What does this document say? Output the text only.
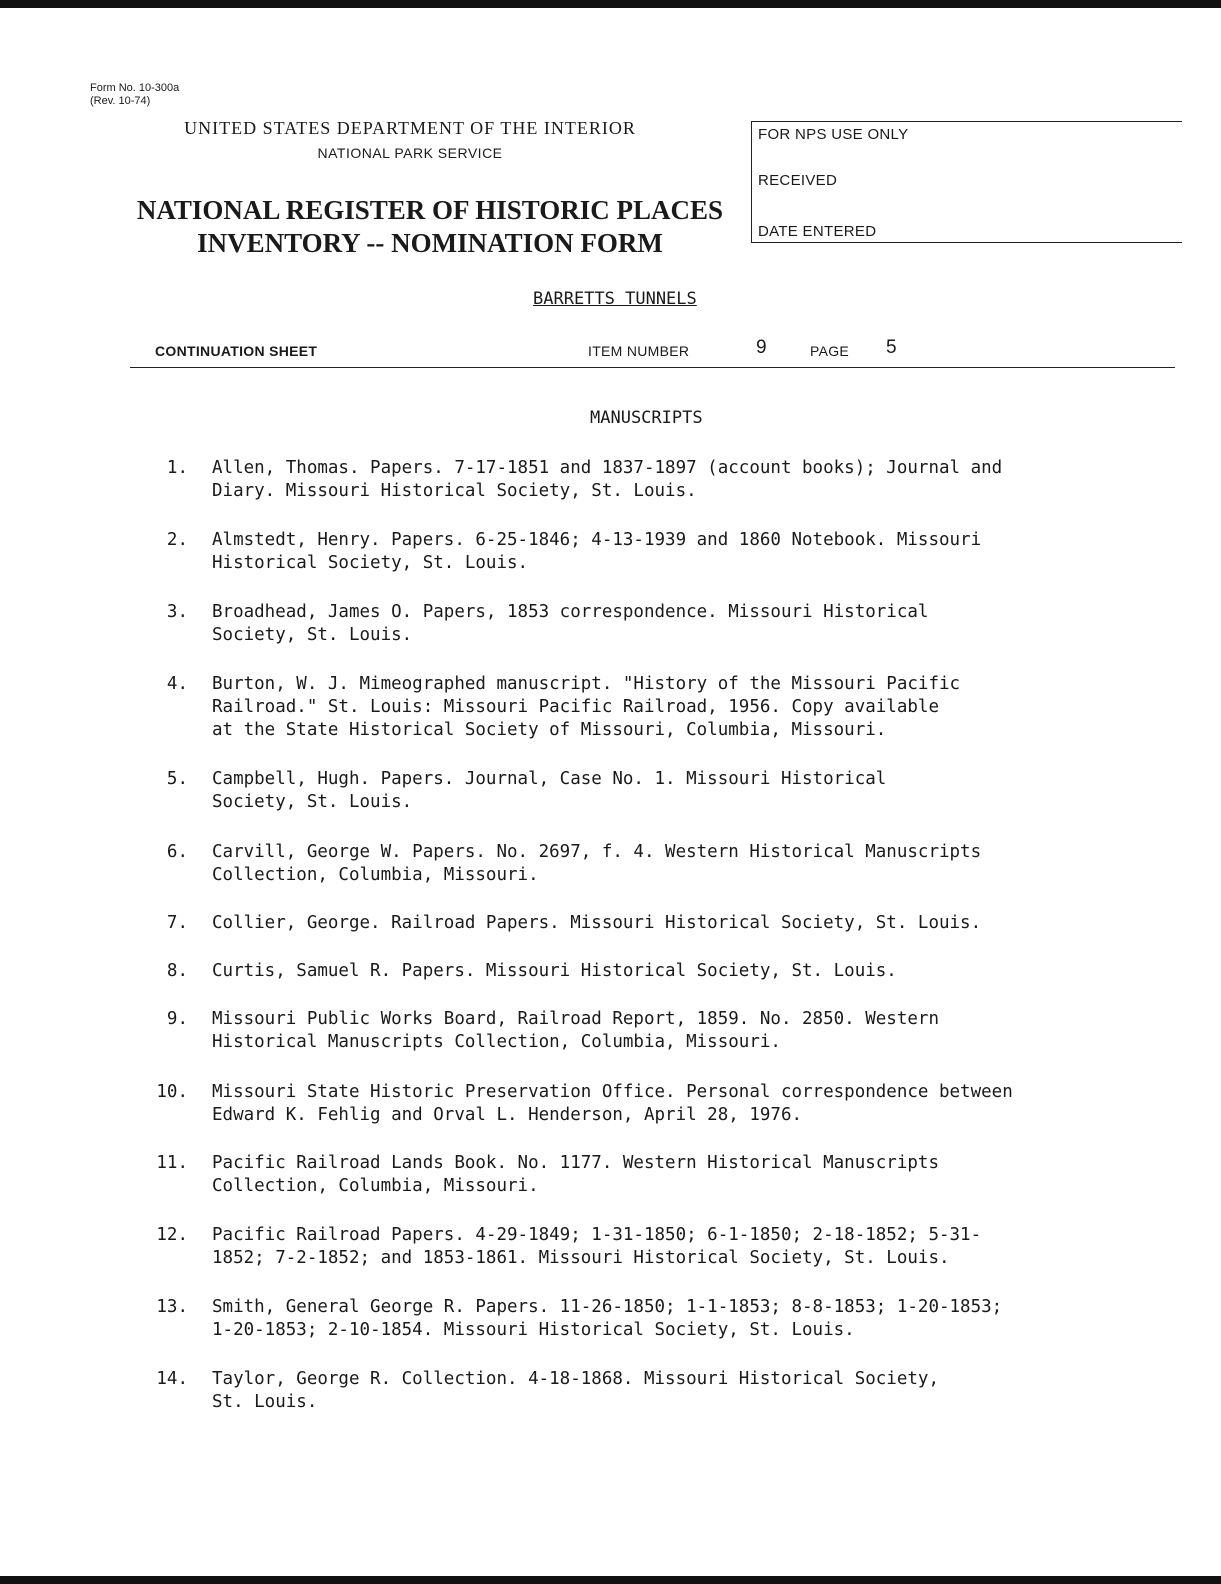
Form No. 10-300a
(Rev. 10-74)
UNITED STATES DEPARTMENT OF THE INTERIOR
NATIONAL PARK SERVICE
NATIONAL REGISTER OF HISTORIC PLACES
INVENTORY -- NOMINATION FORM
FOR NPS USE ONLY
RECEIVED
DATE ENTERED
BARRETTS TUNNELS
CONTINUATION SHEET	ITEM NUMBER	9	PAGE 5
MANUSCRIPTS
1. Allen, Thomas. Papers. 7-17-1851 and 1837-1897 (account books); Journal and
Diary. Missouri Historical Society, St. Louis.
2. Almstedt, Henry. Papers. 6-25-1846; 4-13-1939 and 1860 Notebook. Missouri
Historical Society, St. Louis.
3. Broadhead, James O. Papers, 1853 correspondence. Missouri Historical
Society, St. Louis.
4. Burton, W. J. Mimeographed manuscript. "History of the Missouri Pacific
Railroad." St. Louis: Missouri Pacific Railroad, 1956. Copy available
at the State Historical Society of Missouri, Columbia, Missouri.
5. Campbell, Hugh. Papers. Journal, Case No. 1. Missouri Historical
Society, St. Louis.
6. Carvill, George W. Papers. No. 2697, f. 4. Western Historical Manuscripts
Collection, Columbia, Missouri.
7. Collier, George. Railroad Papers. Missouri Historical Society, St. Louis.
8. Curtis, Samuel R. Papers. Missouri Historical Society, St. Louis.
9. Missouri Public Works Board, Railroad Report, 1859. No. 2850. Western
Historical Manuscripts Collection, Columbia, Missouri.
10. Missouri State Historic Preservation Office. Personal correspondence between
Edward K. Fehlig and Orval L. Henderson, April 28, 1976.
11. Pacific Railroad Lands Book. No. 1177. Western Historical Manuscripts
Collection, Columbia, Missouri.
12. Pacific Railroad Papers. 4-29-1849; 1-31-1850; 6-1-1850; 2-18-1852; 5-31-
1852; 7-2-1852; and 1853-1861. Missouri Historical Society, St. Louis.
13. Smith, General George R. Papers. 11-26-1850; 1-1-1853; 8-8-1853; 1-20-1853;
1-20-1853; 2-10-1854. Missouri Historical Society, St. Louis.
14. Taylor, George R. Collection. 4-18-1868. Missouri Historical Society,
St. Louis.
